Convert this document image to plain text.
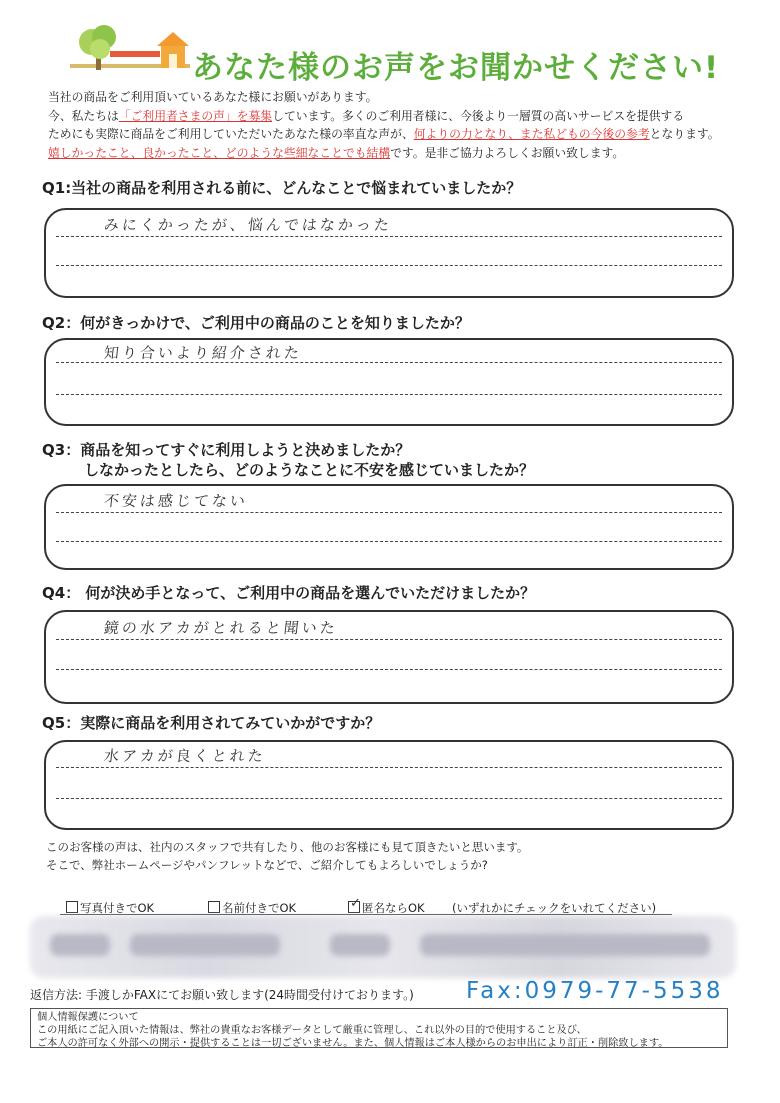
あなた様のお声をお聞かせください!
当社の商品をご利用頂いているあなた様にお願いがあります。
今、私たちは「ご利用者さまの声」を募集しています。多くのご利用者様に、今後より一層質の高いサービスを提供する
ためにも実際に商品をご利用していただいたあなた様の率直な声が、何よりの力となり、また私どもの今後の参考となります。
嬉しかったこと、良かったこと、どのような些細なことでも結構です。是非ご協力よろしくお願い致します。
Q1:当社の商品を利用される前に、どんなことで悩まれていましたか？
みにくかったが、悩んではなかった
Q2：何がきっかけで、ご利用中の商品のことを知りましたか？
知り合いより紹介された
Q3：商品を知ってすぐに利用しようと決めましたか？
しなかったとしたら、どのようなことに不安を感じていましたか？
不安は感じてない
Q4： 何が決め手となって、ご利用中の商品を選んでいただけましたか？
鏡の水アカがとれると聞いた
Q5：実際に商品を利用されてみていかがですか？
水アカが良くとれた
このお客様の声は、社内のスタッフで共有したり、他のお客様にも見て頂きたいと思います。
そこで、弊社ホームページやパンフレットなどで、ご紹介してもよろしいでしょうか?
写真付きでOK	名前付きでOK	✓ 匿名ならOK (いずれかにチェックをいれてください)
返信方法: 手渡しかFAXにてお願い致します(24時間受付けております。) Fax:0979-77-5538
個人情報保護について
この用紙にご記入頂いた情報は、弊社の貴重なお客様データとして厳重に管理し、これ以外の目的で使用すること及び、
ご本人の許可なく外部への開示・提供することは一切ございません。また、個人情報はご本人様からのお申出により訂正・削除致します。
